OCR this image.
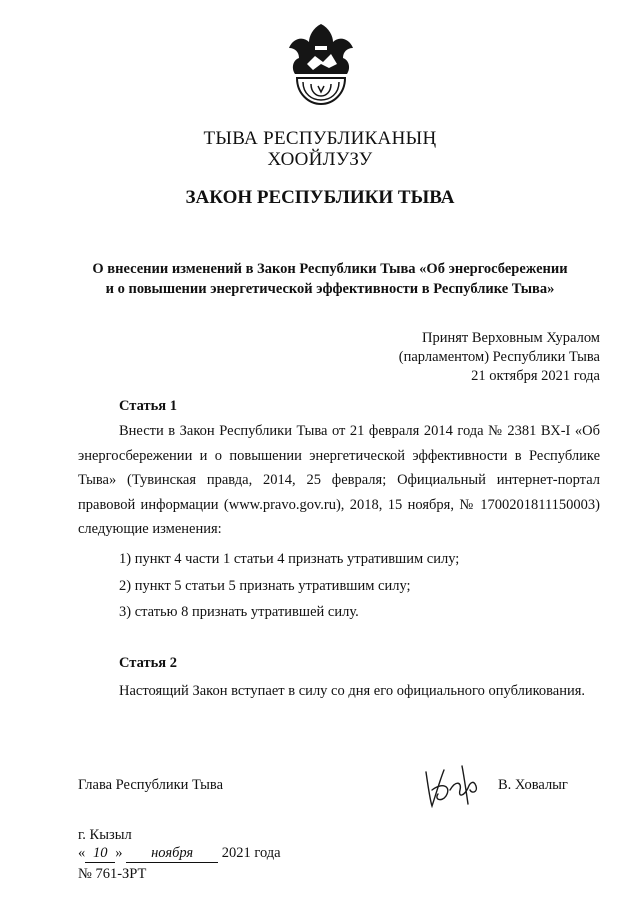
ТЫВА РЕСПУБЛИКАНЫҢ
ХООЙЛУЗУ
ЗАКОН РЕСПУБЛИКИ ТЫВА
О внесении изменений в Закон Республики Тыва «Об энергосбережении
и о повышении энергетической эффективности в Республике Тыва»
Принят Верховным Хуралом
(парламентом) Республики Тыва
21 октября 2021 года
Статья 1
Внести в Закон Республики Тыва от 21 февраля 2014 года № 2381 ВХ-I «Об энергосбережении и о повышении энергетической эффективности в Республике Тыва» (Тувинская правда, 2014, 25 февраля; Официальный интернет-портал правовой информации (www.pravo.gov.ru), 2018, 15 ноября, № 1700201811150003) следующие изменения:
1) пункт 4 части 1 статьи 4 признать утратившим силу;
2) пункт 5 статьи 5 признать утратившим силу;
3) статью 8 признать утратившей силу.
Статья 2
Настоящий Закон вступает в силу со дня его официального опубликования.
Глава Республики Тыва	В. Ховалыг
г. Кызыл
« 10 » ноября 2021 года
№ 761-ЗРТ
